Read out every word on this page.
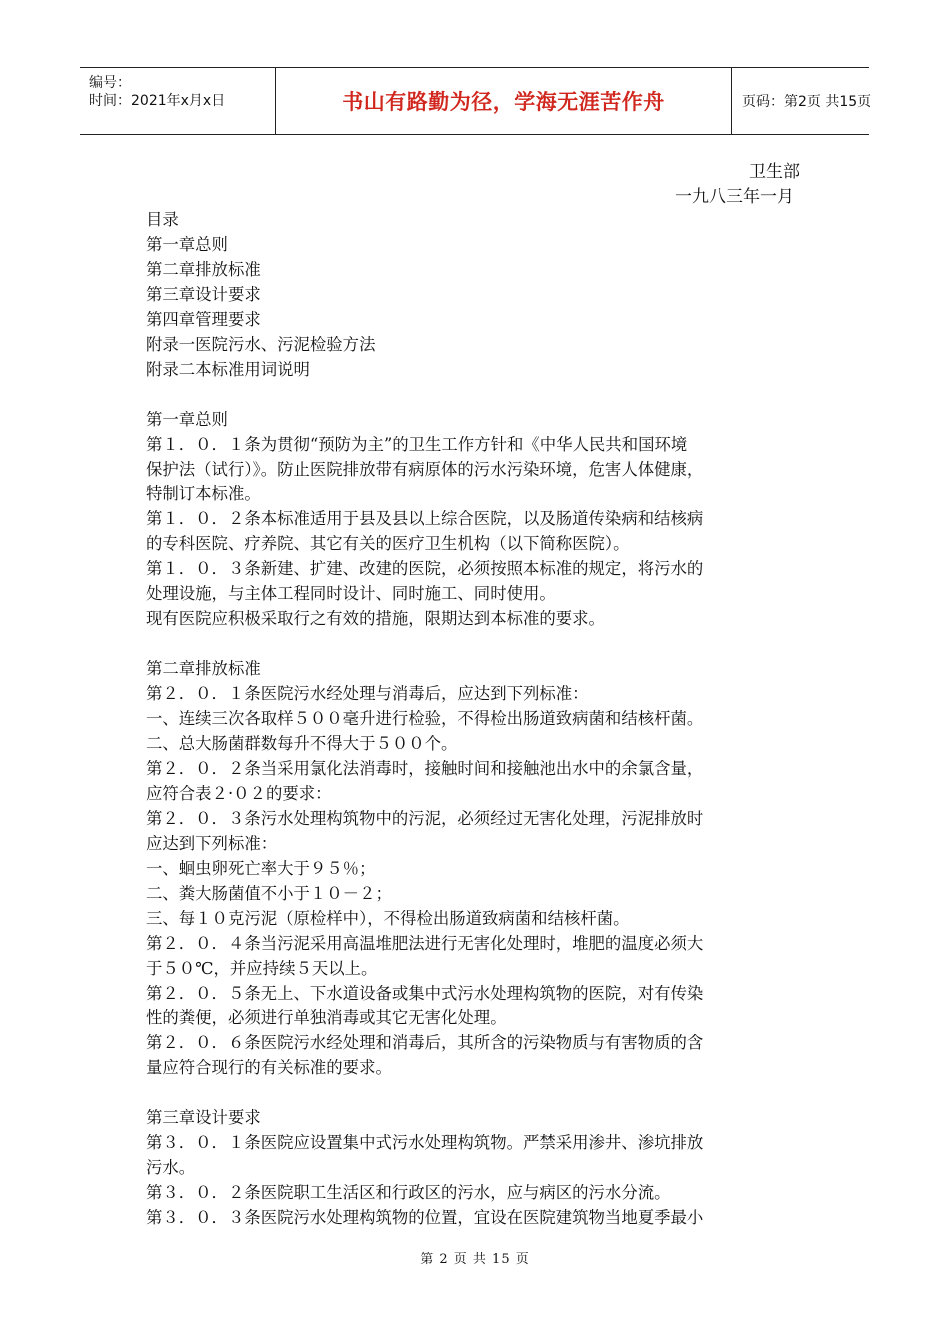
编号：
时间：2021年x月x日	书山有路勤为径，学海无涯苦作舟	页码：第2页 共15页
卫生部
一九八三年一月

目录

第一章总则

第二章排放标准

第三章设计要求

第四章管理要求

附录一医院污水、污泥检验方法

附录二本标准用词说明

第一章总则

第１．０．１条为贯彻“预防为主”的卫生工作方针和《中华人民共和国环境

保护法（试行）》。防止医院排放带有病原体的污水污染环境，危害人体健康，

特制订本标准。

第１．０．２条本标准适用于县及县以上综合医院，以及肠道传染病和结核病

的专科医院、疗养院、其它有关的医疗卫生机构（以下简称医院）。

第１．０．３条新建、扩建、改建的医院，必须按照本标准的规定，将污水的

处理设施，与主体工程同时设计、同时施工、同时使用。

现有医院应积极采取行之有效的措施，限期达到本标准的要求。

第二章排放标准

第２．０．１条医院污水经处理与消毒后，应达到下列标准：

一、连续三次各取样５００毫升进行检验，不得检出肠道致病菌和结核杆菌。

二、总大肠菌群数每升不得大于５００个。

第２．０．２条当采用氯化法消毒时，接触时间和接触池出水中的余氯含量，

应符合表２·０２的要求：

第２．０．３条污水处理构筑物中的污泥，必须经过无害化处理，污泥排放时

应达到下列标准：

一、蛔虫卵死亡率大于９５％；

二、粪大肠菌值不小于１０－２；

三、每１０克污泥（原检样中），不得检出肠道致病菌和结核杆菌。

第２．０．４条当污泥采用高温堆肥法进行无害化处理时，堆肥的温度必须大

于５０℃，并应持续５天以上。

第２．０．５条无上、下水道设备或集中式污水处理构筑物的医院，对有传染

性的粪便，必须进行单独消毒或其它无害化处理。

第２．０．６条医院污水经处理和消毒后，其所含的污染物质与有害物质的含

量应符合现行的有关标准的要求。

第三章设计要求

第３．０．１条医院应设置集中式污水处理构筑物。严禁采用渗井、渗坑排放

污水。

第３．０．２条医院职工生活区和行政区的污水，应与病区的污水分流。

第３．０．３条医院污水处理构筑物的位置，宜设在医院建筑物当地夏季最小

第 2 页 共 15 页
